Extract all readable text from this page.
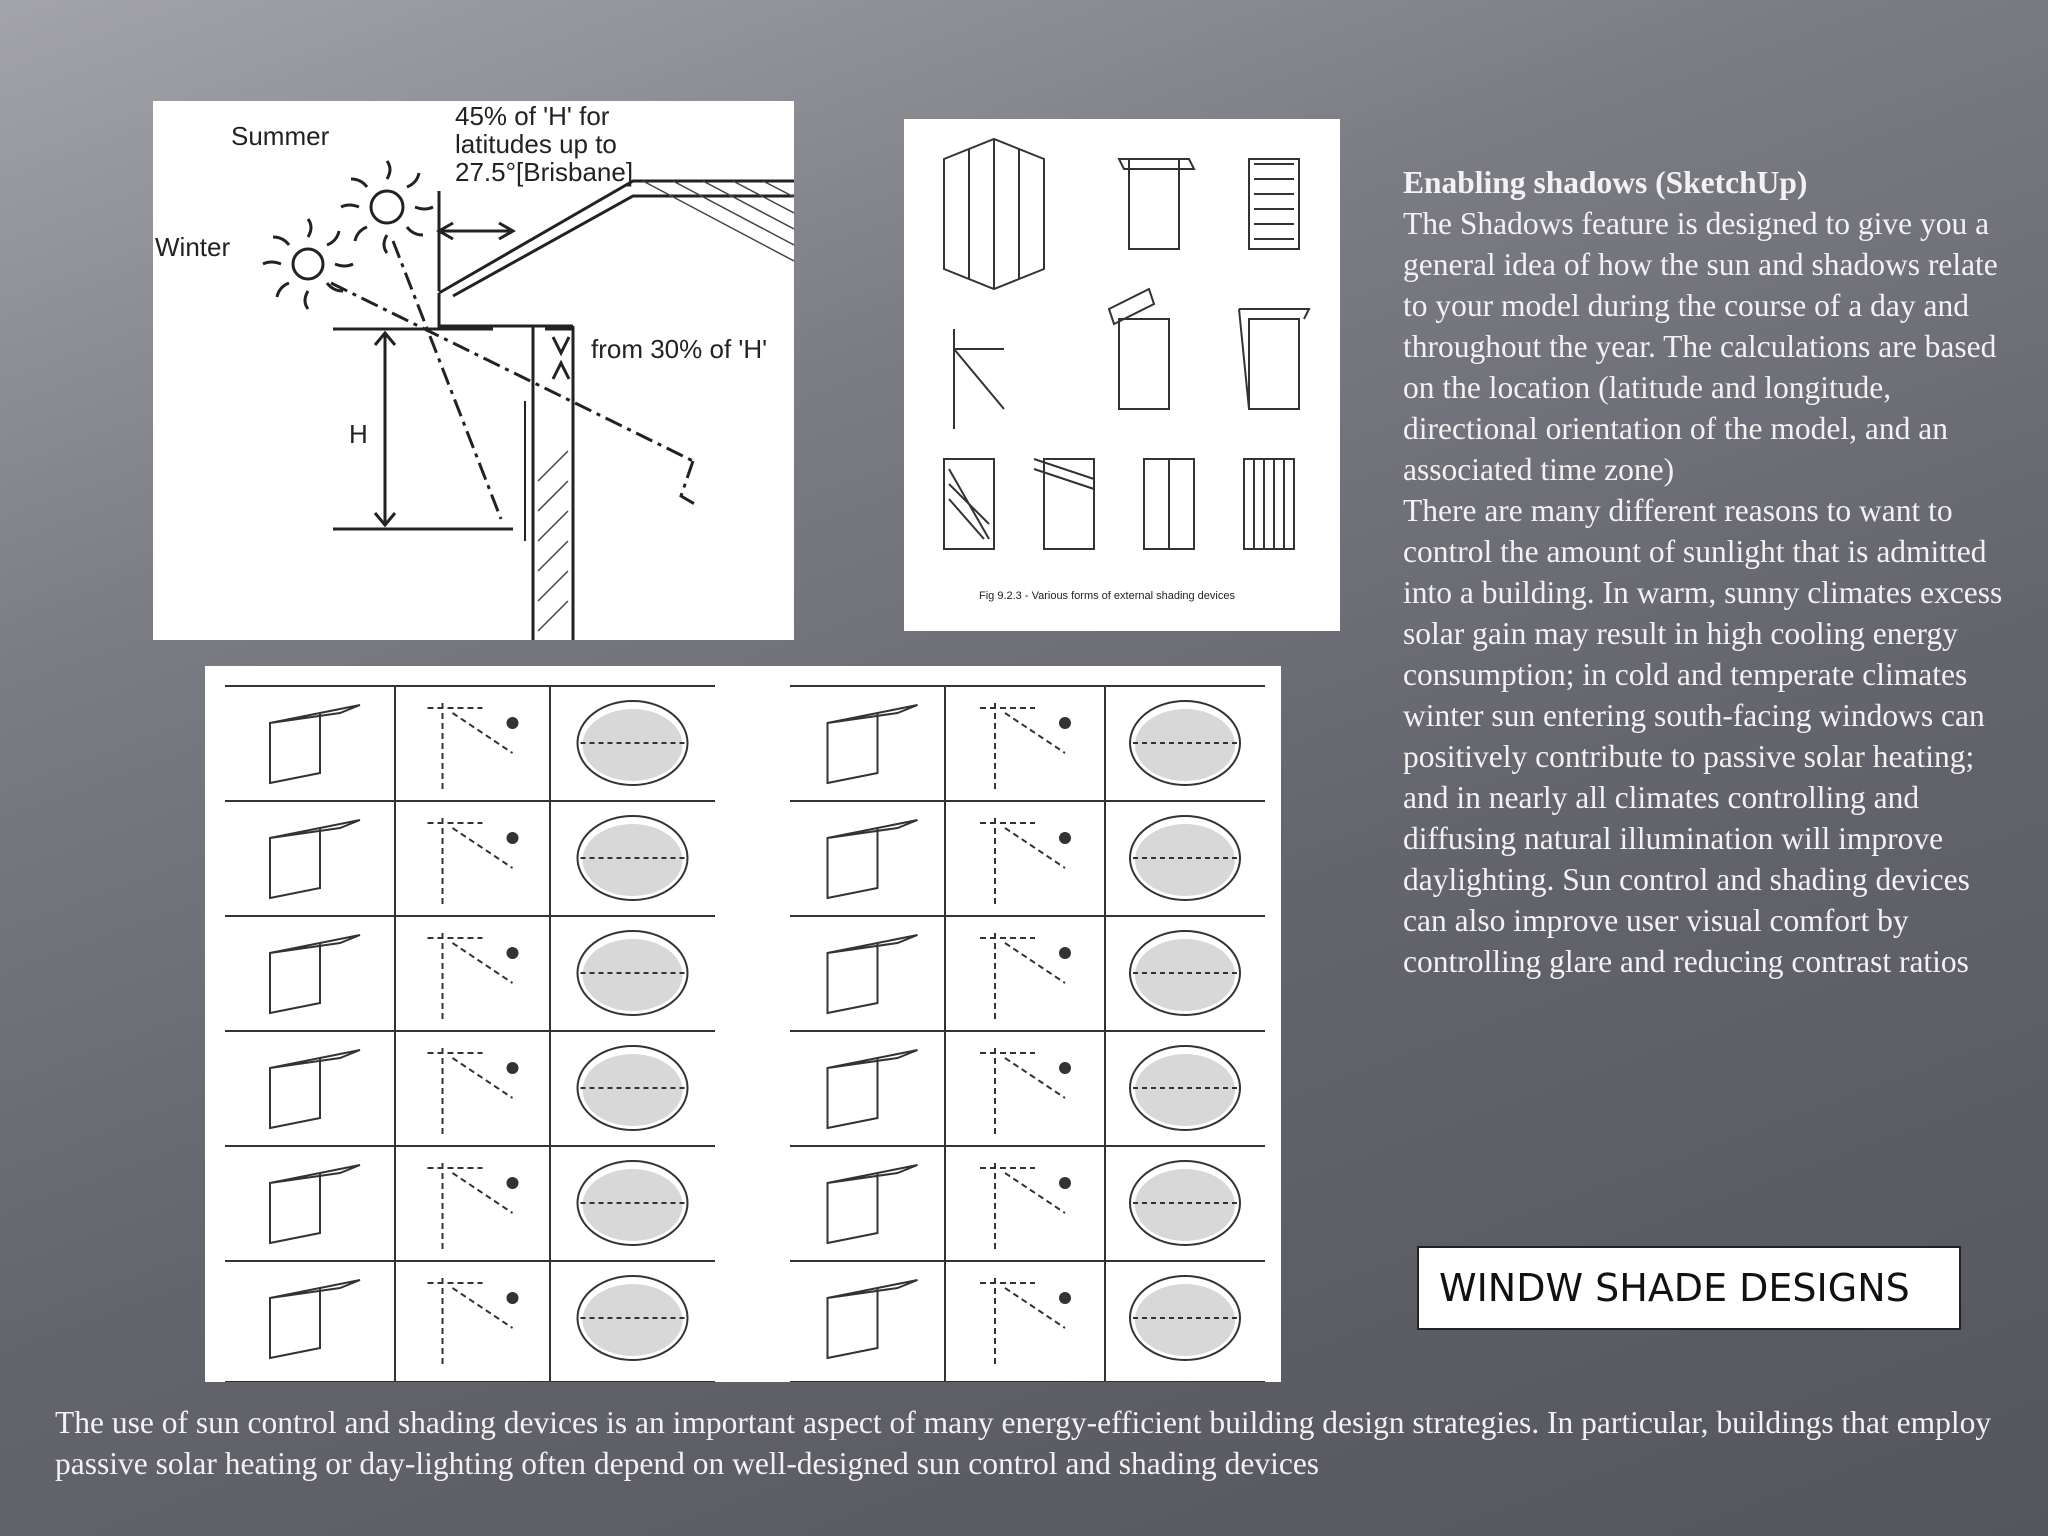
Summer
Winter
45% of 'H' for
latitudes up to
27.5°[Brisbane]
from 30% of 'H'
H
Fig 9.2.3 - Various forms of external shading devices

Enabling shadows (SketchUp)

The Shadows feature is designed to give you a general idea of how the sun and shadows relate to your model during the course of a day and throughout the year. The calculations are based on the location (latitude and longitude, directional orientation of the model, and an associated time zone)

There are many different reasons to want to control the amount of sunlight that is admitted into a building. In warm, sunny climates excess solar gain may result in high cooling energy consumption; in cold and temperate climates winter sun entering south-facing windows can positively contribute to passive solar heating; and in nearly all climates controlling and diffusing natural illumination will improve daylighting. Sun control and shading devices can also improve user visual comfort by controlling glare and reducing contrast ratios

WINDW SHADE DESIGNS
The use of sun control and shading devices is an important aspect of many energy-efficient building design strategies. In particular, buildings that employ passive solar heating or day-lighting often depend on well-designed sun control and shading devices
